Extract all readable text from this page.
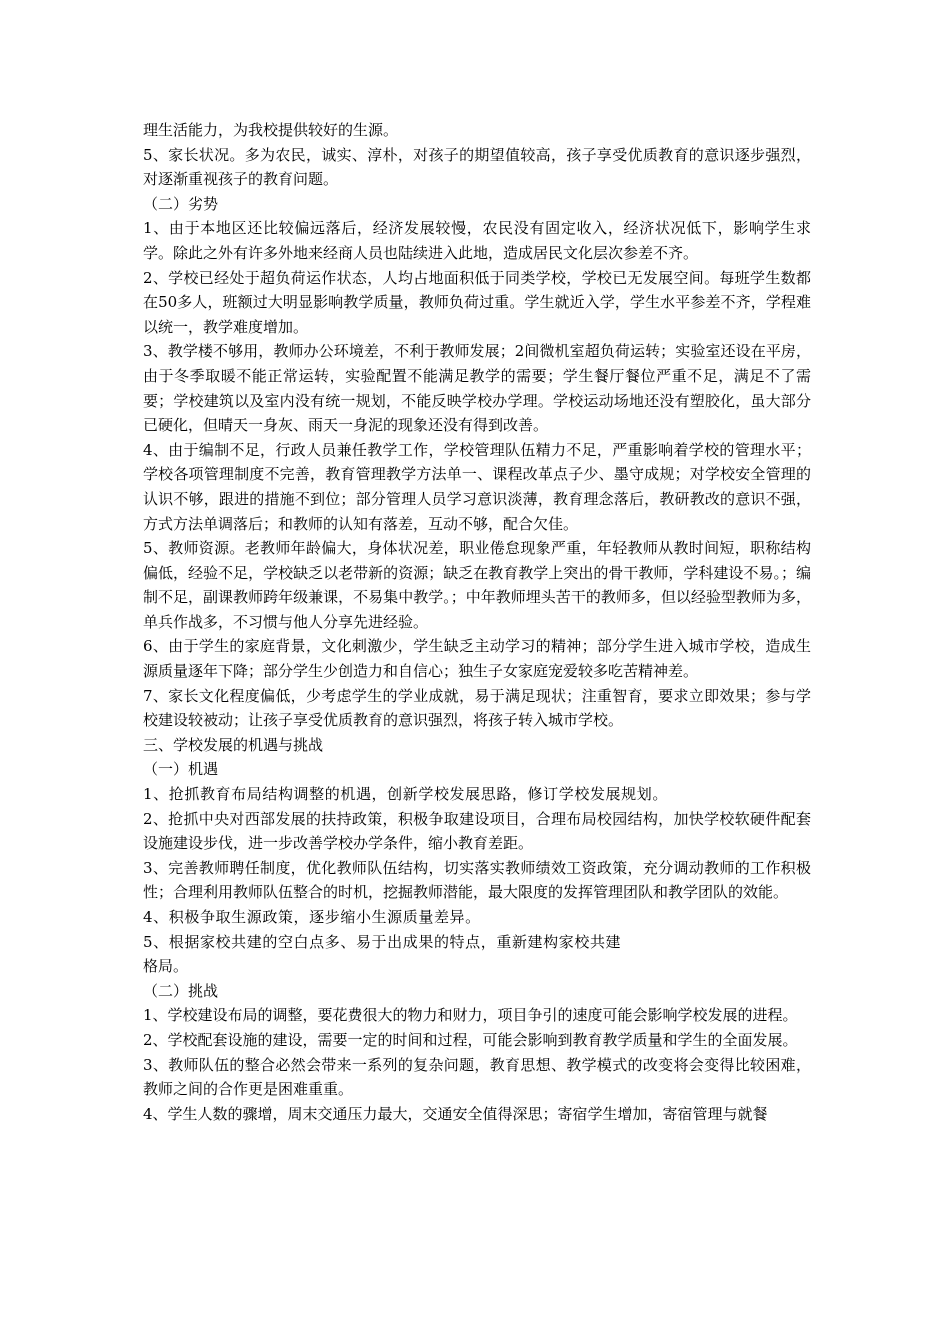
理生活能力，为我校提供较好的生源。

5、家长状况。多为农民，诚实、淳朴，对孩子的期望值较高，孩子享受优质教育的意识逐步强烈，对逐渐重视孩子的教育问题。

（二）劣势

1、由于本地区还比较偏远落后，经济发展较慢，农民没有固定收入，经济状况低下，影响学生求学。除此之外有许多外地来经商人员也陆续进入此地，造成居民文化层次参差不齐。

2、学校已经处于超负荷运作状态，人均占地面积低于同类学校，学校已无发展空间。每班学生数都在50多人，班额过大明显影响教学质量，教师负荷过重。学生就近入学，学生水平参差不齐，学程难以统一，教学难度增加。

3、教学楼不够用，教师办公环境差，不利于教师发展；2间微机室超负荷运转；实验室还设在平房，由于冬季取暖不能正常运转，实验配置不能满足教学的需要；学生餐厅餐位严重不足，满足不了需要；学校建筑以及室内没有统一规划，不能反映学校办学理。学校运动场地还没有塑胶化，虽大部分已硬化，但晴天一身灰、雨天一身泥的现象还没有得到改善。

4、由于编制不足，行政人员兼任教学工作，学校管理队伍精力不足，严重影响着学校的管理水平；学校各项管理制度不完善，教育管理教学方法单一、课程改革点子少、墨守成规；对学校安全管理的认识不够，跟进的措施不到位；部分管理人员学习意识淡薄，教育理念落后，教研教改的意识不强，方式方法单调落后；和教师的认知有落差，互动不够，配合欠佳。

5、教师资源。老教师年龄偏大，身体状况差，职业倦怠现象严重，年轻教师从教时间短，职称结构偏低，经验不足，学校缺乏以老带新的资源；缺乏在教育教学上突出的骨干教师，学科建设不易。；编制不足，副课教师跨年级兼课，不易集中教学。；中年教师埋头苦干的教师多，但以经验型教师为多，单兵作战多，不习惯与他人分享先进经验。

6、由于学生的家庭背景，文化刺激少，学生缺乏主动学习的精神；部分学生进入城市学校，造成生源质量逐年下降；部分学生少创造力和自信心；独生子女家庭宠爱较多吃苦精神差。

7、家长文化程度偏低，少考虑学生的学业成就，易于满足现状；注重智育，要求立即效果；参与学校建设较被动；让孩子享受优质教育的意识强烈，将孩子转入城市学校。

三、学校发展的机遇与挑战

（一）机遇

1、抢抓教育布局结构调整的机遇，创新学校发展思路，修订学校发展规划。

2、抢抓中央对西部发展的扶持政策，积极争取建设项目，合理布局校园结构，加快学校软硬件配套设施建设步伐，进一步改善学校办学条件，缩小教育差距。

3、完善教师聘任制度，优化教师队伍结构，切实落实教师绩效工资政策，充分调动教师的工作积极性；合理利用教师队伍整合的时机，挖掘教师潜能，最大限度的发挥管理团队和教学团队的效能。

4、积极争取生源政策，逐步缩小生源质量差异。

5、根据家校共建的空白点多、易于出成果的特点，重新建构家校共建

格局。

（二）挑战

1、学校建设布局的调整，要花费很大的物力和财力，项目争引的速度可能会影响学校发展的进程。

2、学校配套设施的建设，需要一定的时间和过程，可能会影响到教育教学质量和学生的全面发展。

3、教师队伍的整合必然会带来一系列的复杂问题，教育思想、教学模式的改变将会变得比较困难，教师之间的合作更是困难重重。

4、学生人数的骤增，周末交通压力最大，交通安全值得深思；寄宿学生增加，寄宿管理与就餐
